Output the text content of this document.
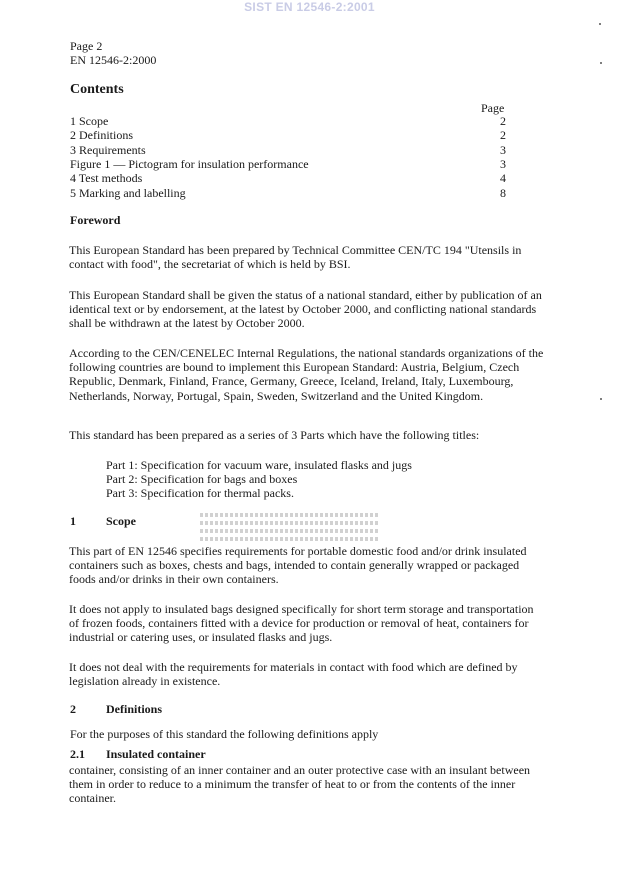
SIST EN 12546-2:2001
Page 2
EN 12546-2:2000
Contents
Page
1 Scope	2
2 Definitions	2
3 Requirements	3
Figure 1 — Pictogram for insulation performance	3
4 Test methods	4
5 Marking and labelling	8
Foreword
This European Standard has been prepared by Technical Committee CEN/TC 194 "Utensils in contact with food", the secretariat of which is held by BSI.
This European Standard shall be given the status of a national standard, either by publication of an identical text or by endorsement, at the latest by October 2000, and conflicting national standards shall be withdrawn at the latest by October 2000.
According to the CEN/CENELEC Internal Regulations, the national standards organizations of the following countries are bound to implement this European Standard: Austria, Belgium, Czech Republic, Denmark, Finland, France, Germany, Greece, Iceland, Ireland, Italy, Luxembourg, Netherlands, Norway, Portugal, Spain, Sweden, Switzerland and the United Kingdom.
This standard has been prepared as a series of 3 Parts which have the following titles:
Part 1: Specification for vacuum ware, insulated flasks and jugs
Part 2: Specification for bags and boxes
Part 3: Specification for thermal packs.
1	Scope
This part of EN 12546 specifies requirements for portable domestic food and/or drink insulated containers such as boxes, chests and bags, intended to contain generally wrapped or packaged foods and/or drinks in their own containers.
It does not apply to insulated bags designed specifically for short term storage and transportation of frozen foods, containers fitted with a device for production or removal of heat, containers for industrial or catering uses, or insulated flasks and jugs.
It does not deal with the requirements for materials in contact with food which are defined by legislation already in existence.
2	Definitions
For the purposes of this standard the following definitions apply
2.1 Insulated container
container, consisting of an inner container and an outer protective case with an insulant between them in order to reduce to a minimum the transfer of heat to or from the contents of the inner container.
